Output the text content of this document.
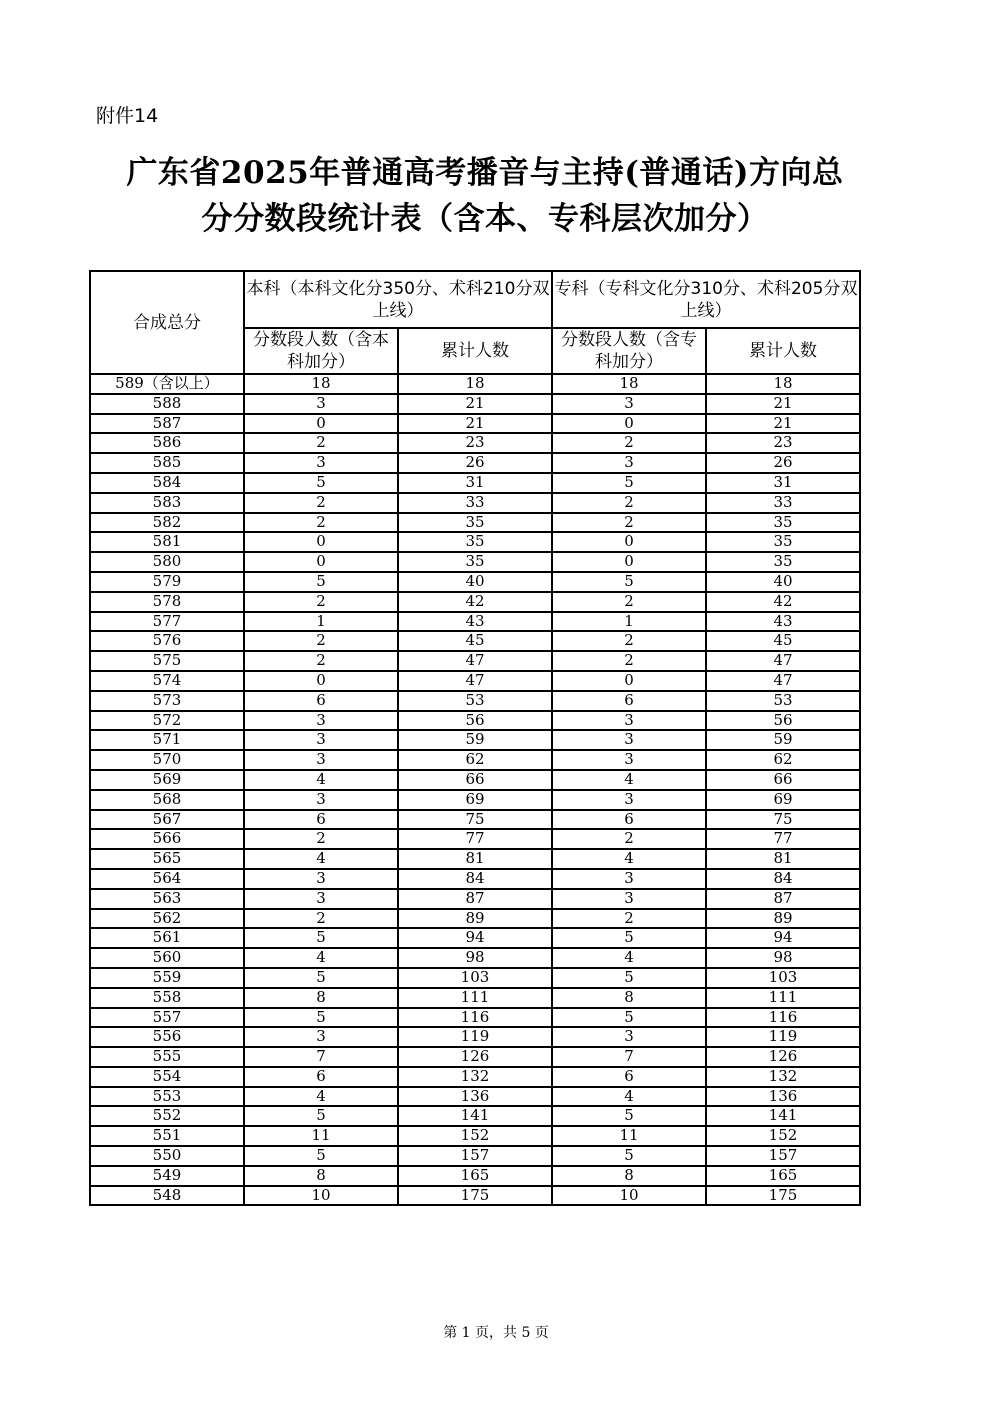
附件14
广东省2025年普通高考播音与主持(普通话)方向总
分分数段统计表（含本、专科层次加分）
合成总分	本科（本科文化分350分、术科210分双上线）		专科（专科文化分310分、术科205分双上线）	
	分数段人数（含本科加分）	累计人数	分数段人数（含专科加分）	累计人数
589（含以上）	18	18	18	18
588	3	21	3	21
587	0	21	0	21
586	2	23	2	23
585	3	26	3	26
584	5	31	5	31
583	2	33	2	33
582	2	35	2	35
581	0	35	0	35
580	0	35	0	35
579	5	40	5	40
578	2	42	2	42
577	1	43	1	43
576	2	45	2	45
575	2	47	2	47
574	0	47	0	47
573	6	53	6	53
572	3	56	3	56
571	3	59	3	59
570	3	62	3	62
569	4	66	4	66
568	3	69	3	69
567	6	75	6	75
566	2	77	2	77
565	4	81	4	81
564	3	84	3	84
563	3	87	3	87
562	2	89	2	89
561	5	94	5	94
560	4	98	4	98
559	5	103	5	103
558	8	111	8	111
557	5	116	5	116
556	3	119	3	119
555	7	126	7	126
554	6	132	6	132
553	4	136	4	136
552	5	141	5	141
551	11	152	11	152
550	5	157	5	157
549	8	165	8	165
548	10	175	10	175
第 1 页，共 5 页
